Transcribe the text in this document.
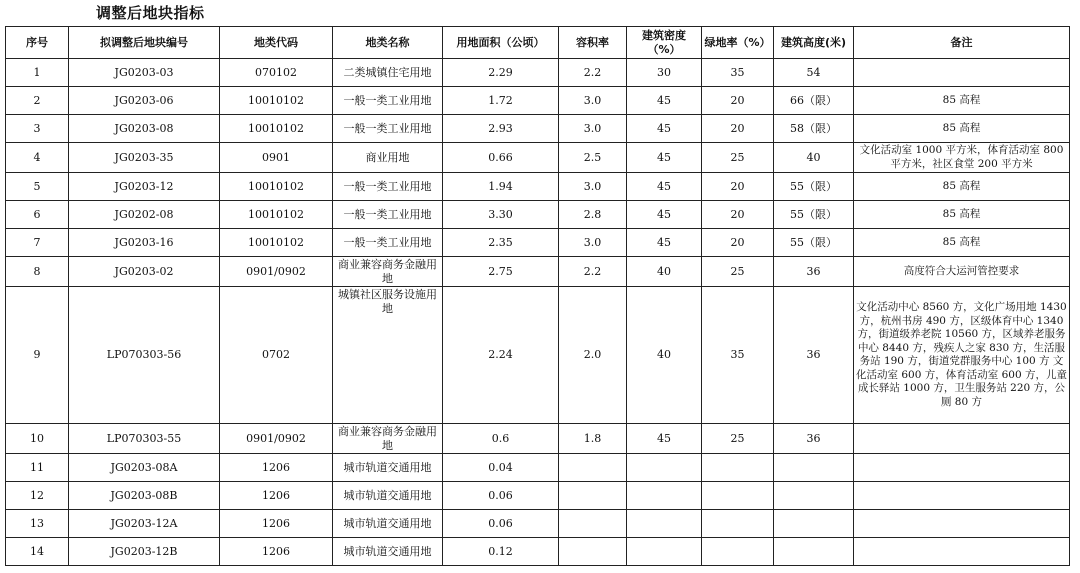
调整后地块指标
序号	拟调整后地块编号	地类代码	地类名称	用地面积（公顷）	容积率	建筑密度（%）	绿地率（%）	建筑高度(米)	备注
1	JG0203-03	070102	二类城镇住宅用地	2.29	2.2	30	35	54	
2	JG0203-06	10010102	一般一类工业用地	1.72	3.0	45	20	66（限）	85 高程
3	JG0203-08	10010102	一般一类工业用地	2.93	3.0	45	20	58（限）	85 高程
4	JG0203-35	0901	商业用地	0.66	2.5	45	25	40	文化活动室 1000 平方米，体育活动室 800 平方米，社区食堂 200 平方米
5	JG0203-12	10010102	一般一类工业用地	1.94	3.0	45	20	55（限）	85 高程
6	JG0202-08	10010102	一般一类工业用地	3.30	2.8	45	20	55（限）	85 高程
7	JG0203-16	10010102	一般一类工业用地	2.35	3.0	45	20	55（限）	85 高程
8	JG0203-02	0901/0902	商业兼容商务金融用地	2.75	2.2	40	25	36	高度符合大运河管控要求
9	LP070303-56	0702	城镇社区服务设施用地	2.24	2.0	40	35	36	文化活动中心 8560 方，文化广场用地 1430 方，杭州书房 490 方，区级体育中心 1340 方，街道级养老院 10560 方，区域养老服务中心 8440 方，残疾人之家 830 方，生活服务站 190 方，街道党群服务中心 100 方 文化活动室 600 方，体育活动室 600 方，儿童成长驿站 1000 方，卫生服务站 220 方，公厕 80 方
10	LP070303-55	0901/0902	商业兼容商务金融用地	0.6	1.8	45	25	36	
11	JG0203-08A	1206	城市轨道交通用地	0.04					
12	JG0203-08B	1206	城市轨道交通用地	0.06					
13	JG0203-12A	1206	城市轨道交通用地	0.06					
14	JG0203-12B	1206	城市轨道交通用地	0.12					
